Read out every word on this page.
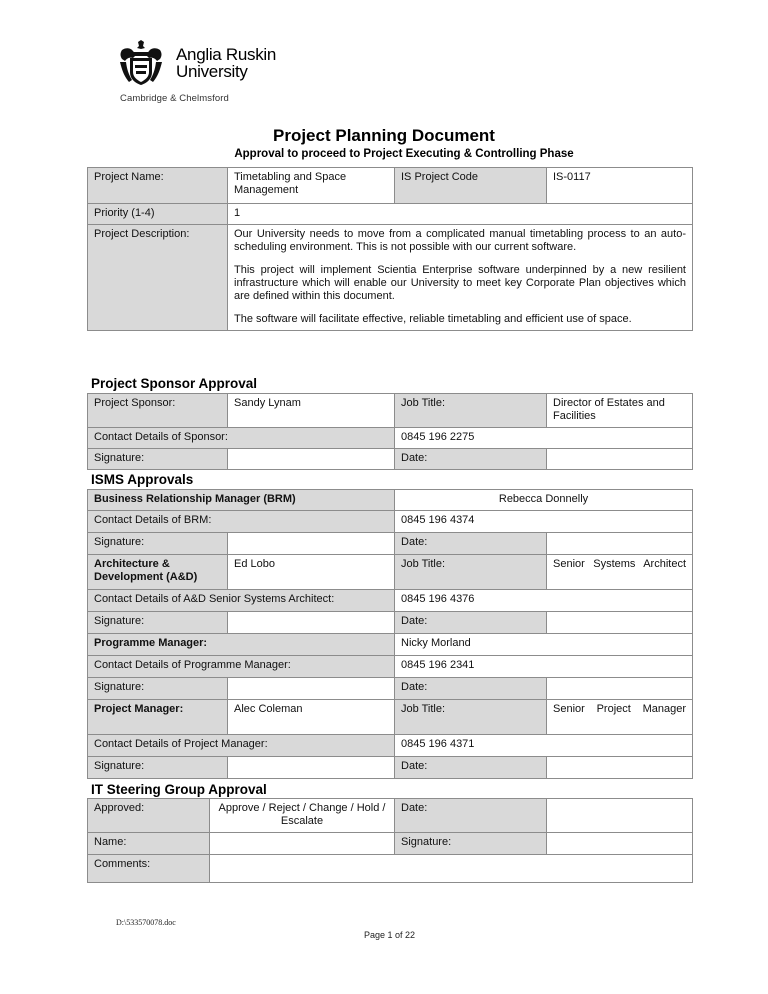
Anglia Ruskin
University
Cambridge & Chelmsford
Project Planning Document
Approval to proceed to Project Executing & Controlling Phase
Project Name:	Timetabling and Space Management	IS Project Code	IS-0117
Priority (1-4)	1		
Project Description:	Our University needs to move from a complicated manual timetabling process to an auto-scheduling environment. This is not possible with our current software.

This project will implement Scientia Enterprise software underpinned by a new resilient infrastructure which will enable our University to meet key Corporate Plan objectives which are defined within this document.

The software will facilitate effective, reliable timetabling and efficient use of space.		

Project Sponsor Approval
Project Sponsor:	Sandy Lynam	Job Title:	Director of Estates and Facilities
Contact Details of Sponsor:		0845 196 2275	
Signature:		Date:	
ISMS Approvals
Business Relationship Manager (BRM)		Rebecca Donnelly	
Contact Details of BRM:		0845 196 4374	
Signature:		Date:	
Architecture & Development (A&D)	Ed Lobo	Job Title:	Senior Systems Architect
Contact Details of A&D Senior Systems Architect:		0845 196 4376	
Signature:		Date:	
Programme Manager:		Nicky Morland	
Contact Details of Programme Manager:		0845 196 2341	
Signature:		Date:	
Project Manager:	Alec Coleman	Job Title:	Senior Project Manager
Contact Details of Project Manager:		0845 196 4371	
Signature:		Date:	
IT Steering Group Approval
Approved:	Approve / Reject / Change / Hold / Escalate	Date:	
Name:		Signature:	
Comments:			
D:\533570078.doc
Page 1 of 22
